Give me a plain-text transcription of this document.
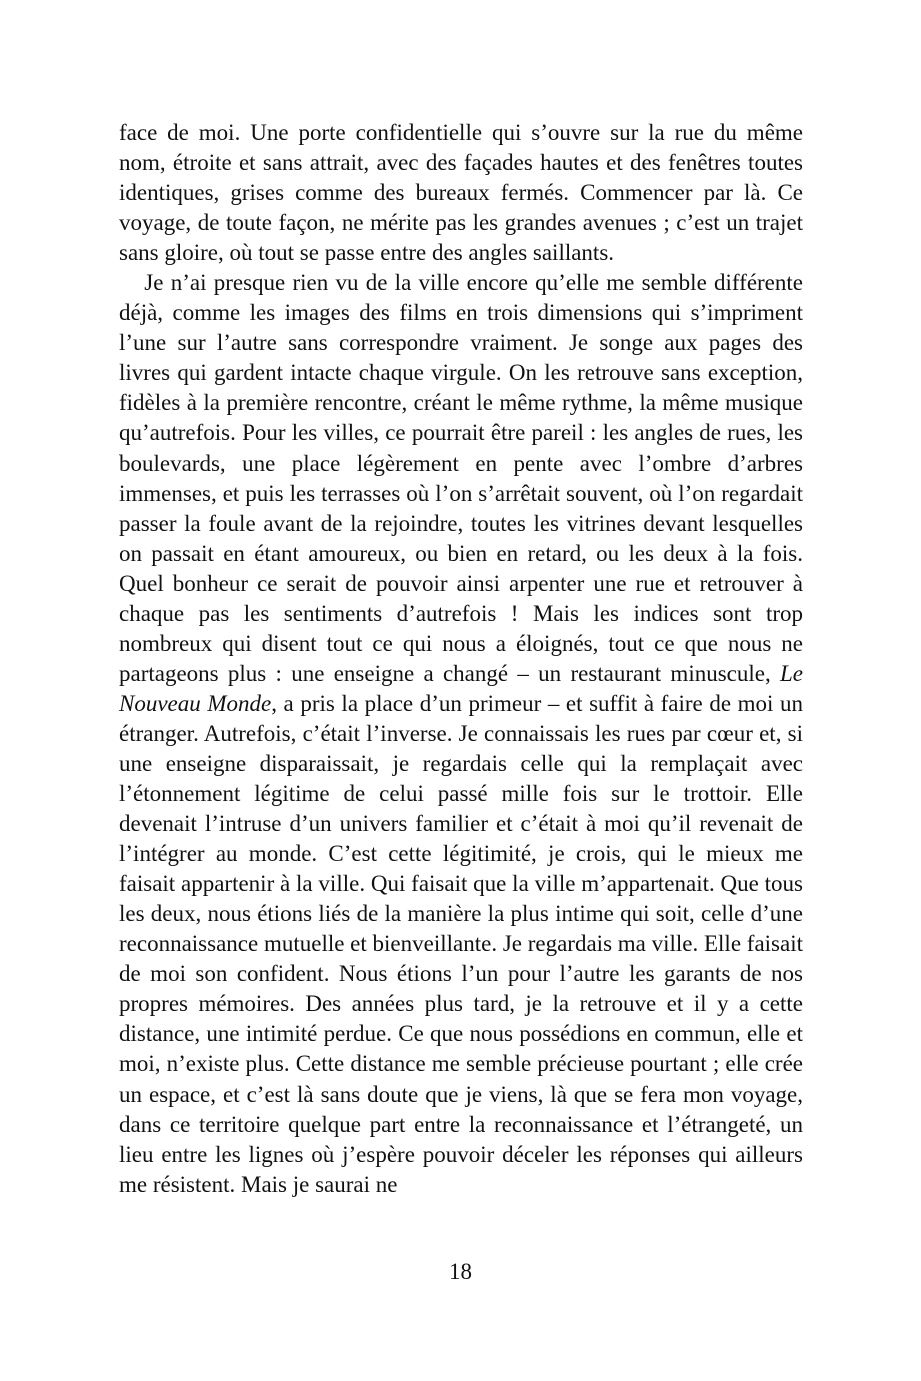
face de moi. Une porte confidentielle qui s’ouvre sur la rue du même nom, étroite et sans attrait, avec des façades hautes et des fenêtres toutes identiques, grises comme des bureaux fermés. Commencer par là. Ce voyage, de toute façon, ne mérite pas les grandes avenues ; c’est un trajet sans gloire, où tout se passe entre des angles saillants.

Je n’ai presque rien vu de la ville encore qu’elle me semble différente déjà, comme les images des films en trois dimensions qui s’impriment l’une sur l’autre sans correspondre vraiment. Je songe aux pages des livres qui gardent intacte chaque virgule. On les retrouve sans exception, fidèles à la première rencontre, créant le même rythme, la même musique qu’autrefois. Pour les villes, ce pourrait être pareil : les angles de rues, les boulevards, une place légèrement en pente avec l’ombre d’arbres immenses, et puis les terrasses où l’on s’arrêtait souvent, où l’on regardait passer la foule avant de la rejoindre, toutes les vitrines devant lesquelles on passait en étant amoureux, ou bien en retard, ou les deux à la fois. Quel bonheur ce serait de pouvoir ainsi arpenter une rue et retrouver à chaque pas les sentiments d’autrefois ! Mais les indices sont trop nombreux qui disent tout ce qui nous a éloignés, tout ce que nous ne partageons plus : une enseigne a changé – un restaurant minuscule, Le Nouveau Monde, a pris la place d’un primeur – et suffit à faire de moi un étranger. Autrefois, c’était l’inverse. Je connaissais les rues par cœur et, si une enseigne disparaissait, je regardais celle qui la remplaçait avec l’étonnement légitime de celui passé mille fois sur le trottoir. Elle devenait l’intruse d’un univers familier et c’était à moi qu’il revenait de l’intégrer au monde. C’est cette légitimité, je crois, qui le mieux me faisait appartenir à la ville. Qui faisait que la ville m’appartenait. Que tous les deux, nous étions liés de la manière la plus intime qui soit, celle d’une reconnaissance mutuelle et bienveillante. Je regardais ma ville. Elle faisait de moi son confident. Nous étions l’un pour l’autre les garants de nos propres mémoires. Des années plus tard, je la retrouve et il y a cette distance, une intimité perdue. Ce que nous possédions en commun, elle et moi, n’existe plus. Cette distance me semble précieuse pourtant ; elle crée un espace, et c’est là sans doute que je viens, là que se fera mon voyage, dans ce territoire quelque part entre la reconnaissance et l’étrangeté, un lieu entre les lignes où j’espère pouvoir déceler les réponses qui ailleurs me résistent. Mais je saurai ne

18
